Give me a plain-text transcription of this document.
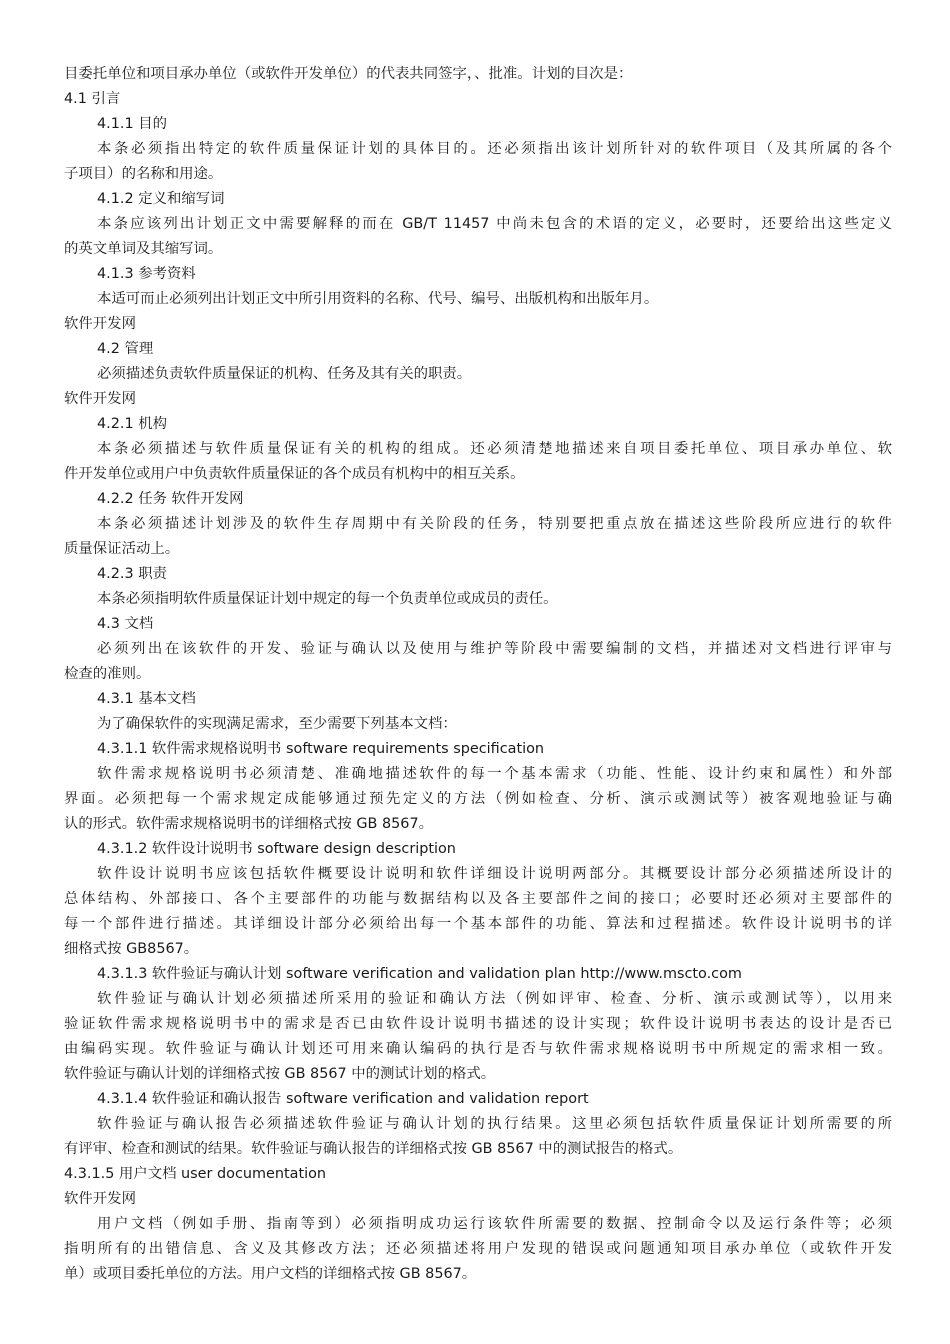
目委托单位和项目承办单位（或软件开发单位）的代表共同签字，、批准。计划的目次是：
4.1 引言
4.1.1 目的
本条必须指出特定的软件质量保证计划的具体目的。还必须指出该计划所针对的软件项目（及其所属的各个
子项目）的名称和用途。
4.1.2 定义和缩写词
本条应该列出计划正文中需要解释的而在 GB/T 11457 中尚未包含的术语的定义，必要时，还要给出这些定义
的英文单词及其缩写词。
4.1.3 参考资料
本适可而止必须列出计划正文中所引用资料的名称、代号、编号、出版机构和出版年月。
软件开发网
4.2 管理
必须描述负责软件质量保证的机构、任务及其有关的职责。
软件开发网
4.2.1 机构
本条必须描述与软件质量保证有关的机构的组成。还必须清楚地描述来自项目委托单位、项目承办单位、软
件开发单位或用户中负责软件质量保证的各个成员有机构中的相互关系。
4.2.2 任务 软件开发网
本条必须描述计划涉及的软件生存周期中有关阶段的任务，特别要把重点放在描述这些阶段所应进行的软件
质量保证活动上。
4.2.3 职责
本条必须指明软件质量保证计划中规定的每一个负责单位或成员的责任。
4.3 文档
必须列出在该软件的开发、验证与确认以及使用与维护等阶段中需要编制的文档，并描述对文档进行评审与
检查的准则。
4.3.1 基本文档
为了确保软件的实现满足需求，至少需要下列基本文档：
4.3.1.1 软件需求规格说明书 software requirements specification
软件需求规格说明书必须清楚、准确地描述软件的每一个基本需求（功能、性能、设计约束和属性）和外部
界面。必须把每一个需求规定成能够通过预先定义的方法（例如检查、分析、演示或测试等）被客观地验证与确
认的形式。软件需求规格说明书的详细格式按 GB 8567。
4.3.1.2 软件设计说明书 software design description
软件设计说明书应该包括软件概要设计说明和软件详细设计说明两部分。其概要设计部分必须描述所设计的
总体结构、外部接口、各个主要部件的功能与数据结构以及各主要部件之间的接口；必要时还必须对主要部件的
每一个部件进行描述。其详细设计部分必须给出每一个基本部件的功能、算法和过程描述。软件设计说明书的详
细格式按 GB8567。
4.3.1.3 软件验证与确认计划 software verification and validation plan http://www.mscto.com
软件验证与确认计划必须描述所采用的验证和确认方法（例如评审、检查、分析、演示或测试等），以用来
验证软件需求规格说明书中的需求是否已由软件设计说明书描述的设计实现；软件设计说明书表达的设计是否已
由编码实现。软件验证与确认计划还可用来确认编码的执行是否与软件需求规格说明书中所规定的需求相一致。
软件验证与确认计划的详细格式按 GB 8567 中的测试计划的格式。
4.3.1.4 软件验证和确认报告 software verification and validation report
软件验证与确认报告必须描述软件验证与确认计划的执行结果。这里必须包括软件质量保证计划所需要的所
有评审、检查和测试的结果。软件验证与确认报告的详细格式按 GB 8567 中的测试报告的格式。
4.3.1.5 用户文档 user documentation
软件开发网
用户文档（例如手册、指南等到）必须指明成功运行该软件所需要的数据、控制命令以及运行条件等；必须
指明所有的出错信息、含义及其修改方法；还必须描述将用户发现的错误或问题通知项目承办单位（或软件开发
单）或项目委托单位的方法。用户文档的详细格式按 GB 8567。
